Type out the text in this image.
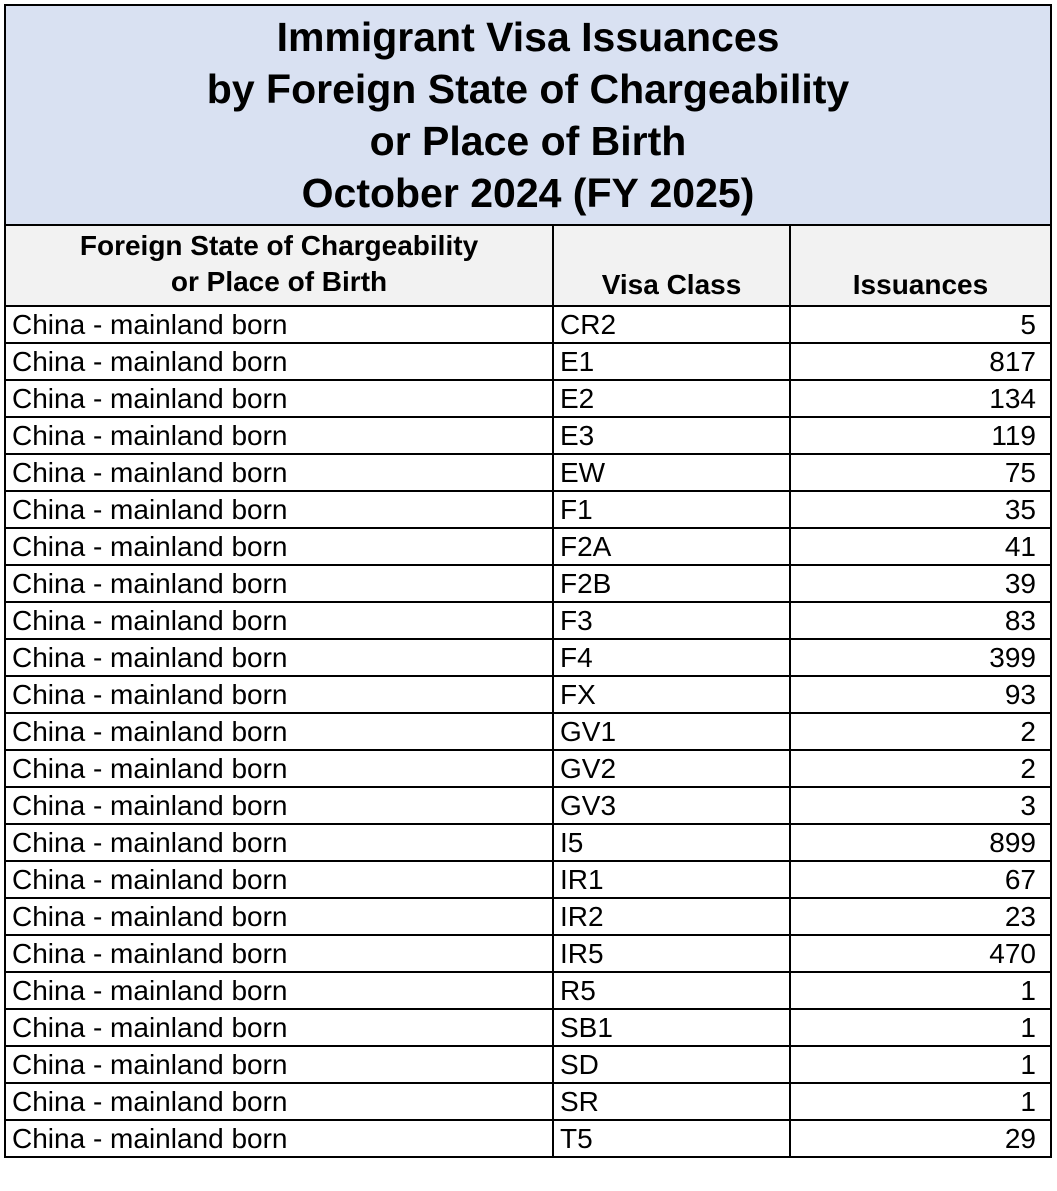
Immigrant Visa Issuances
by Foreign State of Chargeability
or Place of Birth
October 2024 (FY 2025)		

Foreign State of Chargeability
or Place of Birth	Visa Class	Issuances
China - mainland born	CR2	5
China - mainland born	E1	817
China - mainland born	E2	134
China - mainland born	E3	119
China - mainland born	EW	75
China - mainland born	F1	35
China - mainland born	F2A	41
China - mainland born	F2B	39
China - mainland born	F3	83
China - mainland born	F4	399
China - mainland born	FX	93
China - mainland born	GV1	2
China - mainland born	GV2	2
China - mainland born	GV3	3
China - mainland born	I5	899
China - mainland born	IR1	67
China - mainland born	IR2	23
China - mainland born	IR5	470
China - mainland born	R5	1
China - mainland born	SB1	1
China - mainland born	SD	1
China - mainland born	SR	1
China - mainland born	T5	29
